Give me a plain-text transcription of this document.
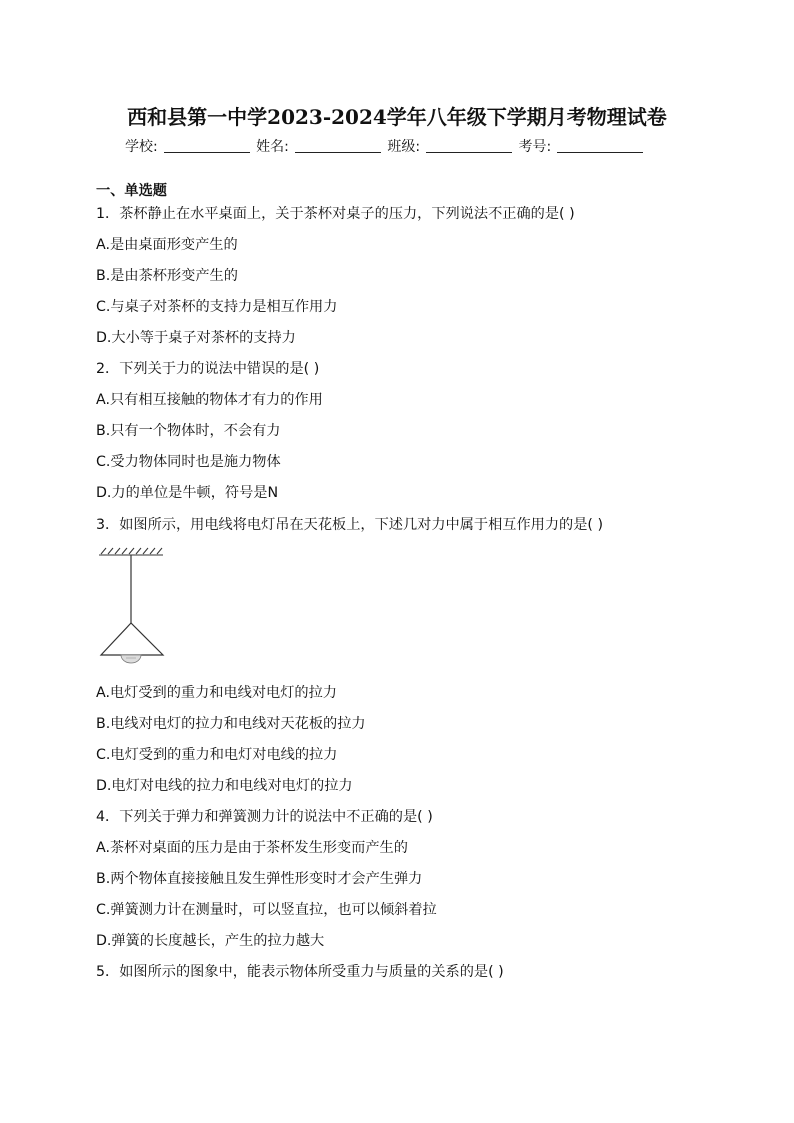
西和县第一中学2023-2024学年八年级下学期月考物理试卷
学校:	姓名:	班级:	考号:
一、单选题
1．茶杯静止在水平桌面上，关于茶杯对桌子的压力，下列说法不正确的是( )
A.是由桌面形变产生的
B.是由茶杯形变产生的
C.与桌子对茶杯的支持力是相互作用力
D.大小等于桌子对茶杯的支持力
2．下列关于力的说法中错误的是( )
A.只有相互接触的物体才有力的作用
B.只有一个物体时，不会有力
C.受力物体同时也是施力物体
D.力的单位是牛顿，符号是N
3．如图所示，用电线将电灯吊在天花板上，下述几对力中属于相互作用力的是( )
A.电灯受到的重力和电线对电灯的拉力
B.电线对电灯的拉力和电线对天花板的拉力
C.电灯受到的重力和电灯对电线的拉力
D.电灯对电线的拉力和电线对电灯的拉力
4．下列关于弹力和弹簧测力计的说法中不正确的是( )
A.茶杯对桌面的压力是由于茶杯发生形变而产生的
B.两个物体直接接触且发生弹性形变时才会产生弹力
C.弹簧测力计在测量时，可以竖直拉，也可以倾斜着拉
D.弹簧的长度越长，产生的拉力越大
5．如图所示的图象中，能表示物体所受重力与质量的关系的是( )
